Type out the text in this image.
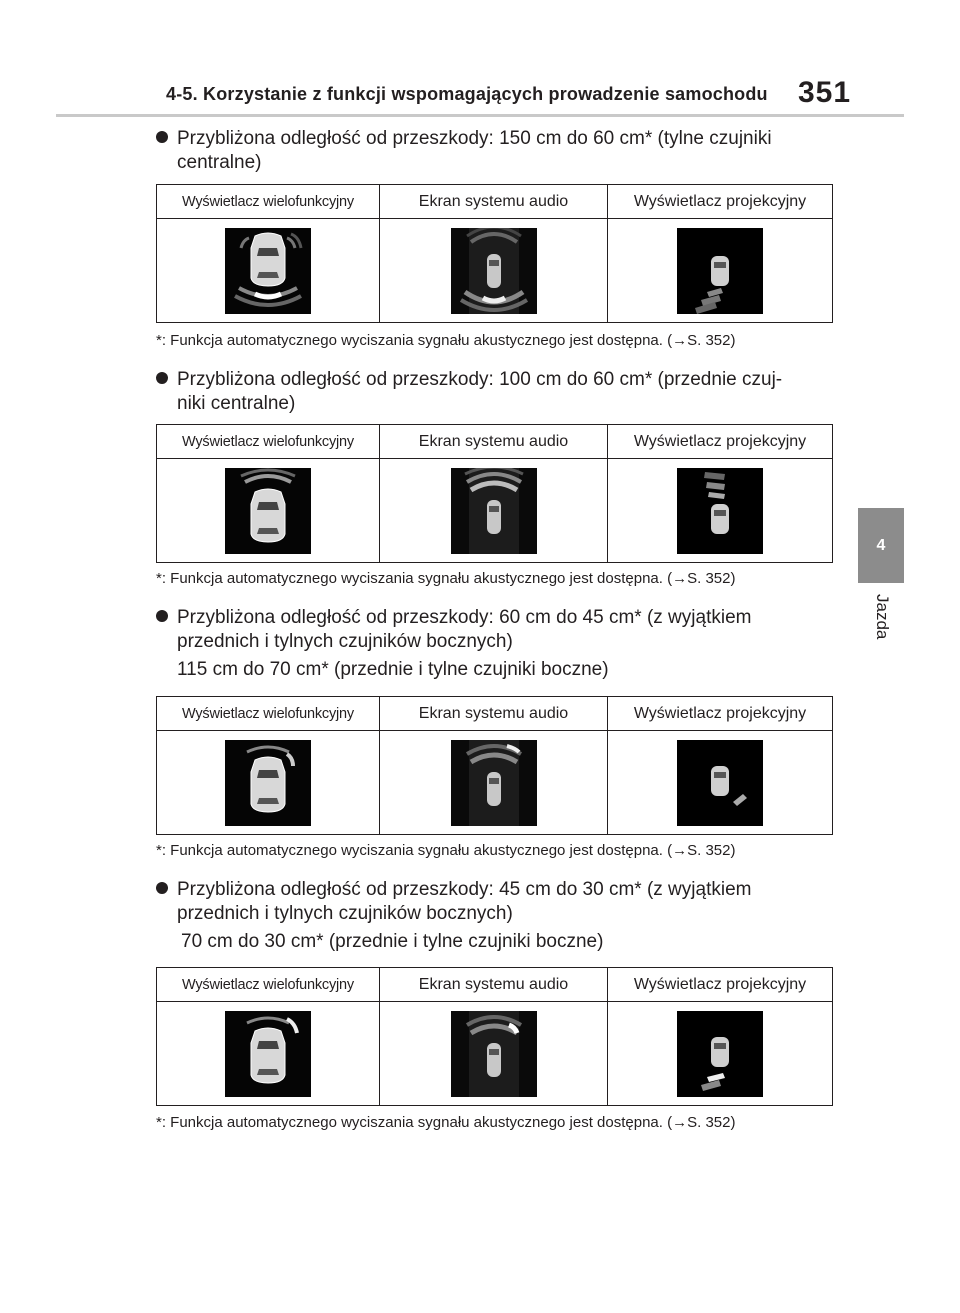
4-5. Korzystanie z funkcji wspomagających prowadzenie samochodu 351
4
Jazda
Przybliżona odległość od przeszkody: 150 cm do 60 cm* (tylne czujniki
centralne)
Wyświetlacz wielofunkcyjny	Ekran systemu audio	Wyświetlacz projekcyjny

*: Funkcja automatycznego wyciszania sygnału akustycznego jest dostępna. (→S. 352)
Przybliżona odległość od przeszkody: 100 cm do 60 cm* (przednie czuj-
niki centralne)
Wyświetlacz wielofunkcyjny	Ekran systemu audio	Wyświetlacz projekcyjny

*: Funkcja automatycznego wyciszania sygnału akustycznego jest dostępna. (→S. 352)
Przybliżona odległość od przeszkody: 60 cm do 45 cm* (z wyjątkiem
przednich i tylnych czujników bocznych)
115 cm do 70 cm* (przednie i tylne czujniki boczne)
Wyświetlacz wielofunkcyjny	Ekran systemu audio	Wyświetlacz projekcyjny

*: Funkcja automatycznego wyciszania sygnału akustycznego jest dostępna. (→S. 352)
Przybliżona odległość od przeszkody: 45 cm do 30 cm* (z wyjątkiem
przednich i tylnych czujników bocznych)
70 cm do 30 cm* (przednie i tylne czujniki boczne)
Wyświetlacz wielofunkcyjny	Ekran systemu audio	Wyświetlacz projekcyjny

*: Funkcja automatycznego wyciszania sygnału akustycznego jest dostępna. (→S. 352)
